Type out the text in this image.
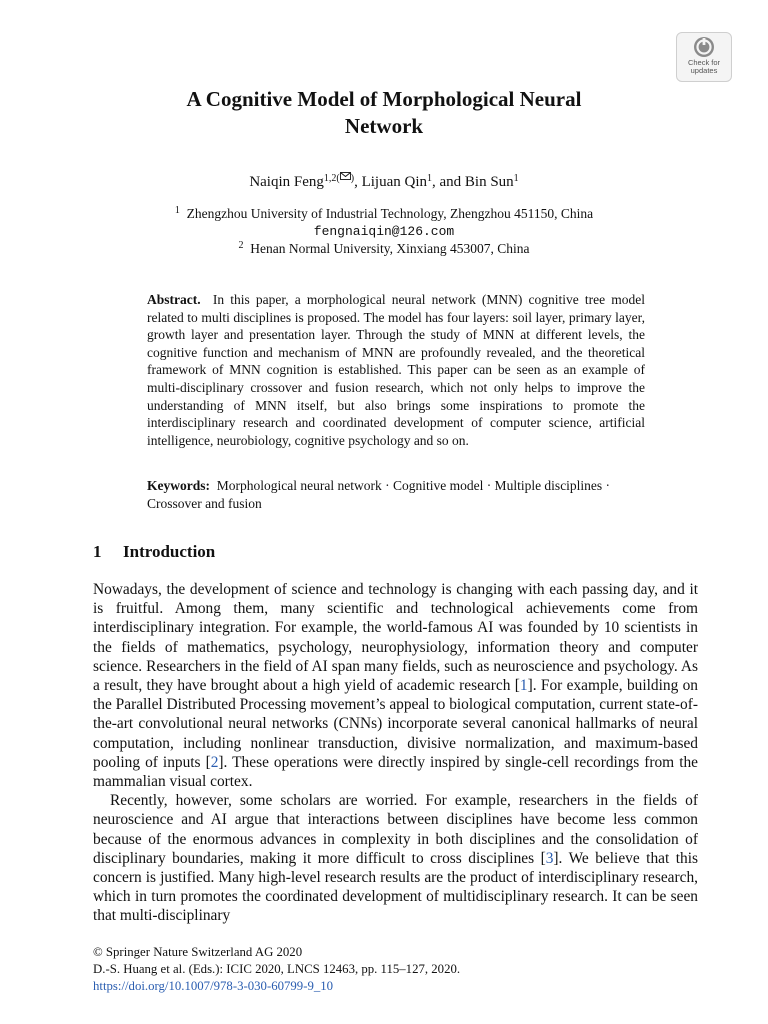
Check for
updates
A Cognitive Model of Morphological Neural
Network
Naiqin Feng$^{1,2( )}$, Lijuan Qin$^1$, and Bin Sun$^1$
$^1$ Zhengzhou University of Industrial Technology, Zhengzhou 451150, China
fengnaiqin@126.com
$^2$ Henan Normal University, Xinxiang 453007, China
Abstract. In this paper, a morphological neural network (MNN) cognitive tree model related to multi disciplines is proposed. The model has four layers: soil layer, primary layer, growth layer and presentation layer. Through the study of MNN at different levels, the cognitive function and mechanism of MNN are profoundly revealed, and the theoretical framework of MNN cognition is established. This paper can be seen as an example of multi-disciplinary crossover and fusion research, which not only helps to improve the understanding of MNN itself, but also brings some inspirations to promote the interdisciplinary research and coordinated development of computer science, artificial intelligence, neurobiology, cognitive psychology and so on.
Keywords: Morphological neural network · Cognitive model · Multiple disciplines · Crossover and fusion
1 Introduction

Nowadays, the development of science and technology is changing with each passing day, and it is fruitful. Among them, many scientific and technological achievements come from interdisciplinary integration. For example, the world-famous AI was founded by 10 scientists in the fields of mathematics, psychology, neurophysiology, information theory and computer science. Researchers in the field of AI span many fields, such as neuroscience and psychology. As a result, they have brought about a high yield of academic research [1]. For example, building on the Parallel Distributed Processing movement’s appeal to biological computation, current state-of-the-art convolutional neural networks (CNNs) incorporate several canonical hallmarks of neural computation, including nonlinear transduction, divisive normalization, and maximum-based pooling of inputs [2]. These operations were directly inspired by single-cell recordings from the mammalian visual cortex.

Recently, however, some scholars are worried. For example, researchers in the fields of neuroscience and AI argue that interactions between disciplines have become less common because of the enormous advances in complexity in both disciplines and the consolidation of disciplinary boundaries, making it more difficult to cross disciplines [3]. We believe that this concern is justified. Many high-level research results are the product of interdisciplinary research, which in turn promotes the coordinated development of multidisciplinary research. It can be seen that multi-disciplinary

© Springer Nature Switzerland AG 2020
D.-S. Huang et al. (Eds.): ICIC 2020, LNCS 12463, pp. 115–127, 2020.
https://doi.org/10.1007/978-3-030-60799-9_10
